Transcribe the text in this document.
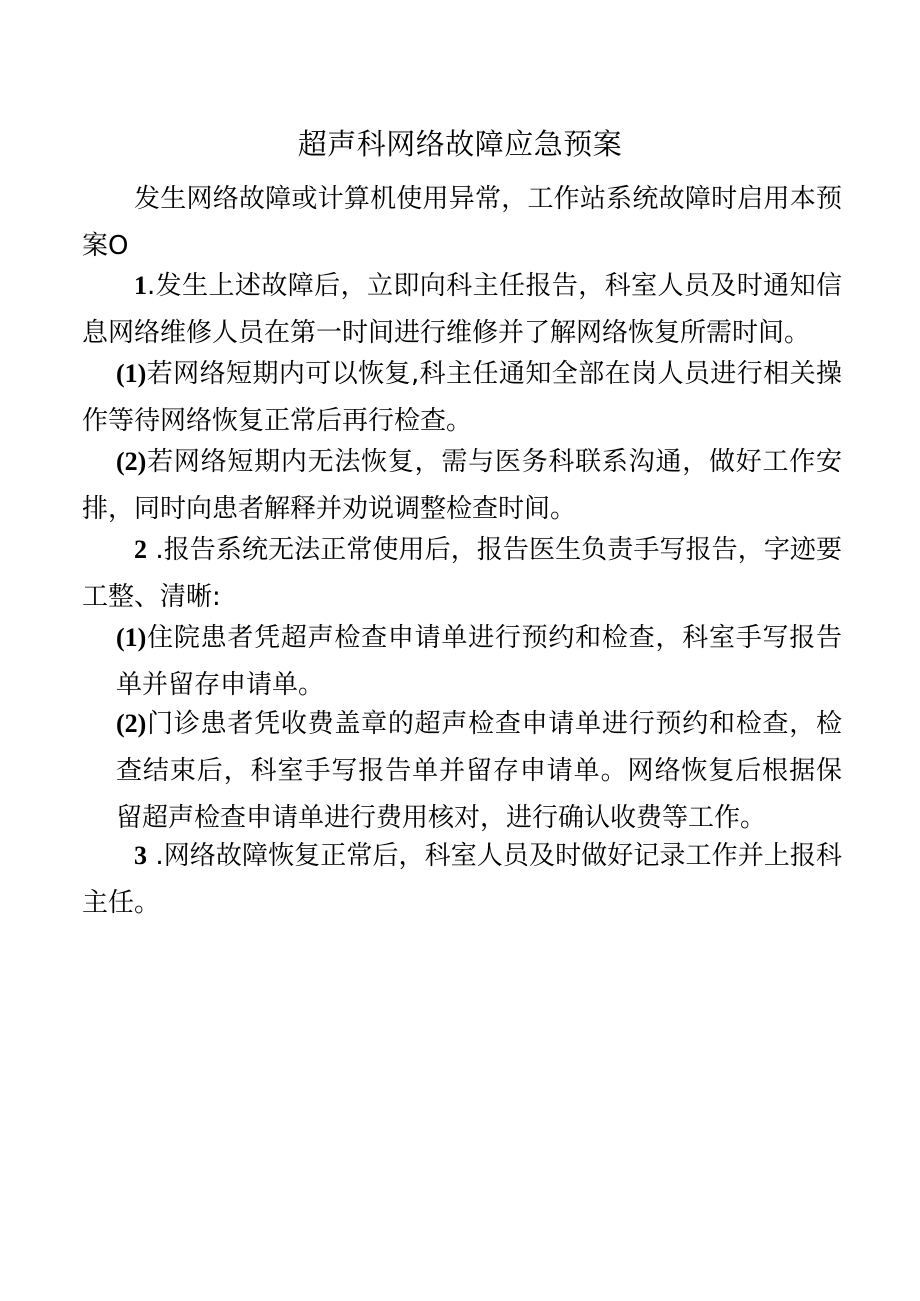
超声科网络故障应急预案

发生网络故障或计算机使用异常，工作站系统故障时启用本预案O

1.发生上述故障后，立即向科主任报告，科室人员及时通知信息网络维修人员在第一时间进行维修并了解网络恢复所需时间。

(1)若网络短期内可以恢复,科主任通知全部在岗人员进行相关操作等待网络恢复正常后再行检查。

(2)若网络短期内无法恢复，需与医务科联系沟通，做好工作安排，同时向患者解释并劝说调整检查时间。

2 .报告系统无法正常使用后，报告医生负责手写报告，字迹要工整、清晰:

(1)住院患者凭超声检查申请单进行预约和检查，科室手写报告单并留存申请单。

(2)门诊患者凭收费盖章的超声检查申请单进行预约和检查，检查结束后，科室手写报告单并留存申请单。网络恢复后根据保留超声检查申请单进行费用核对，进行确认收费等工作。

3 .网络故障恢复正常后，科室人员及时做好记录工作并上报科主任。
